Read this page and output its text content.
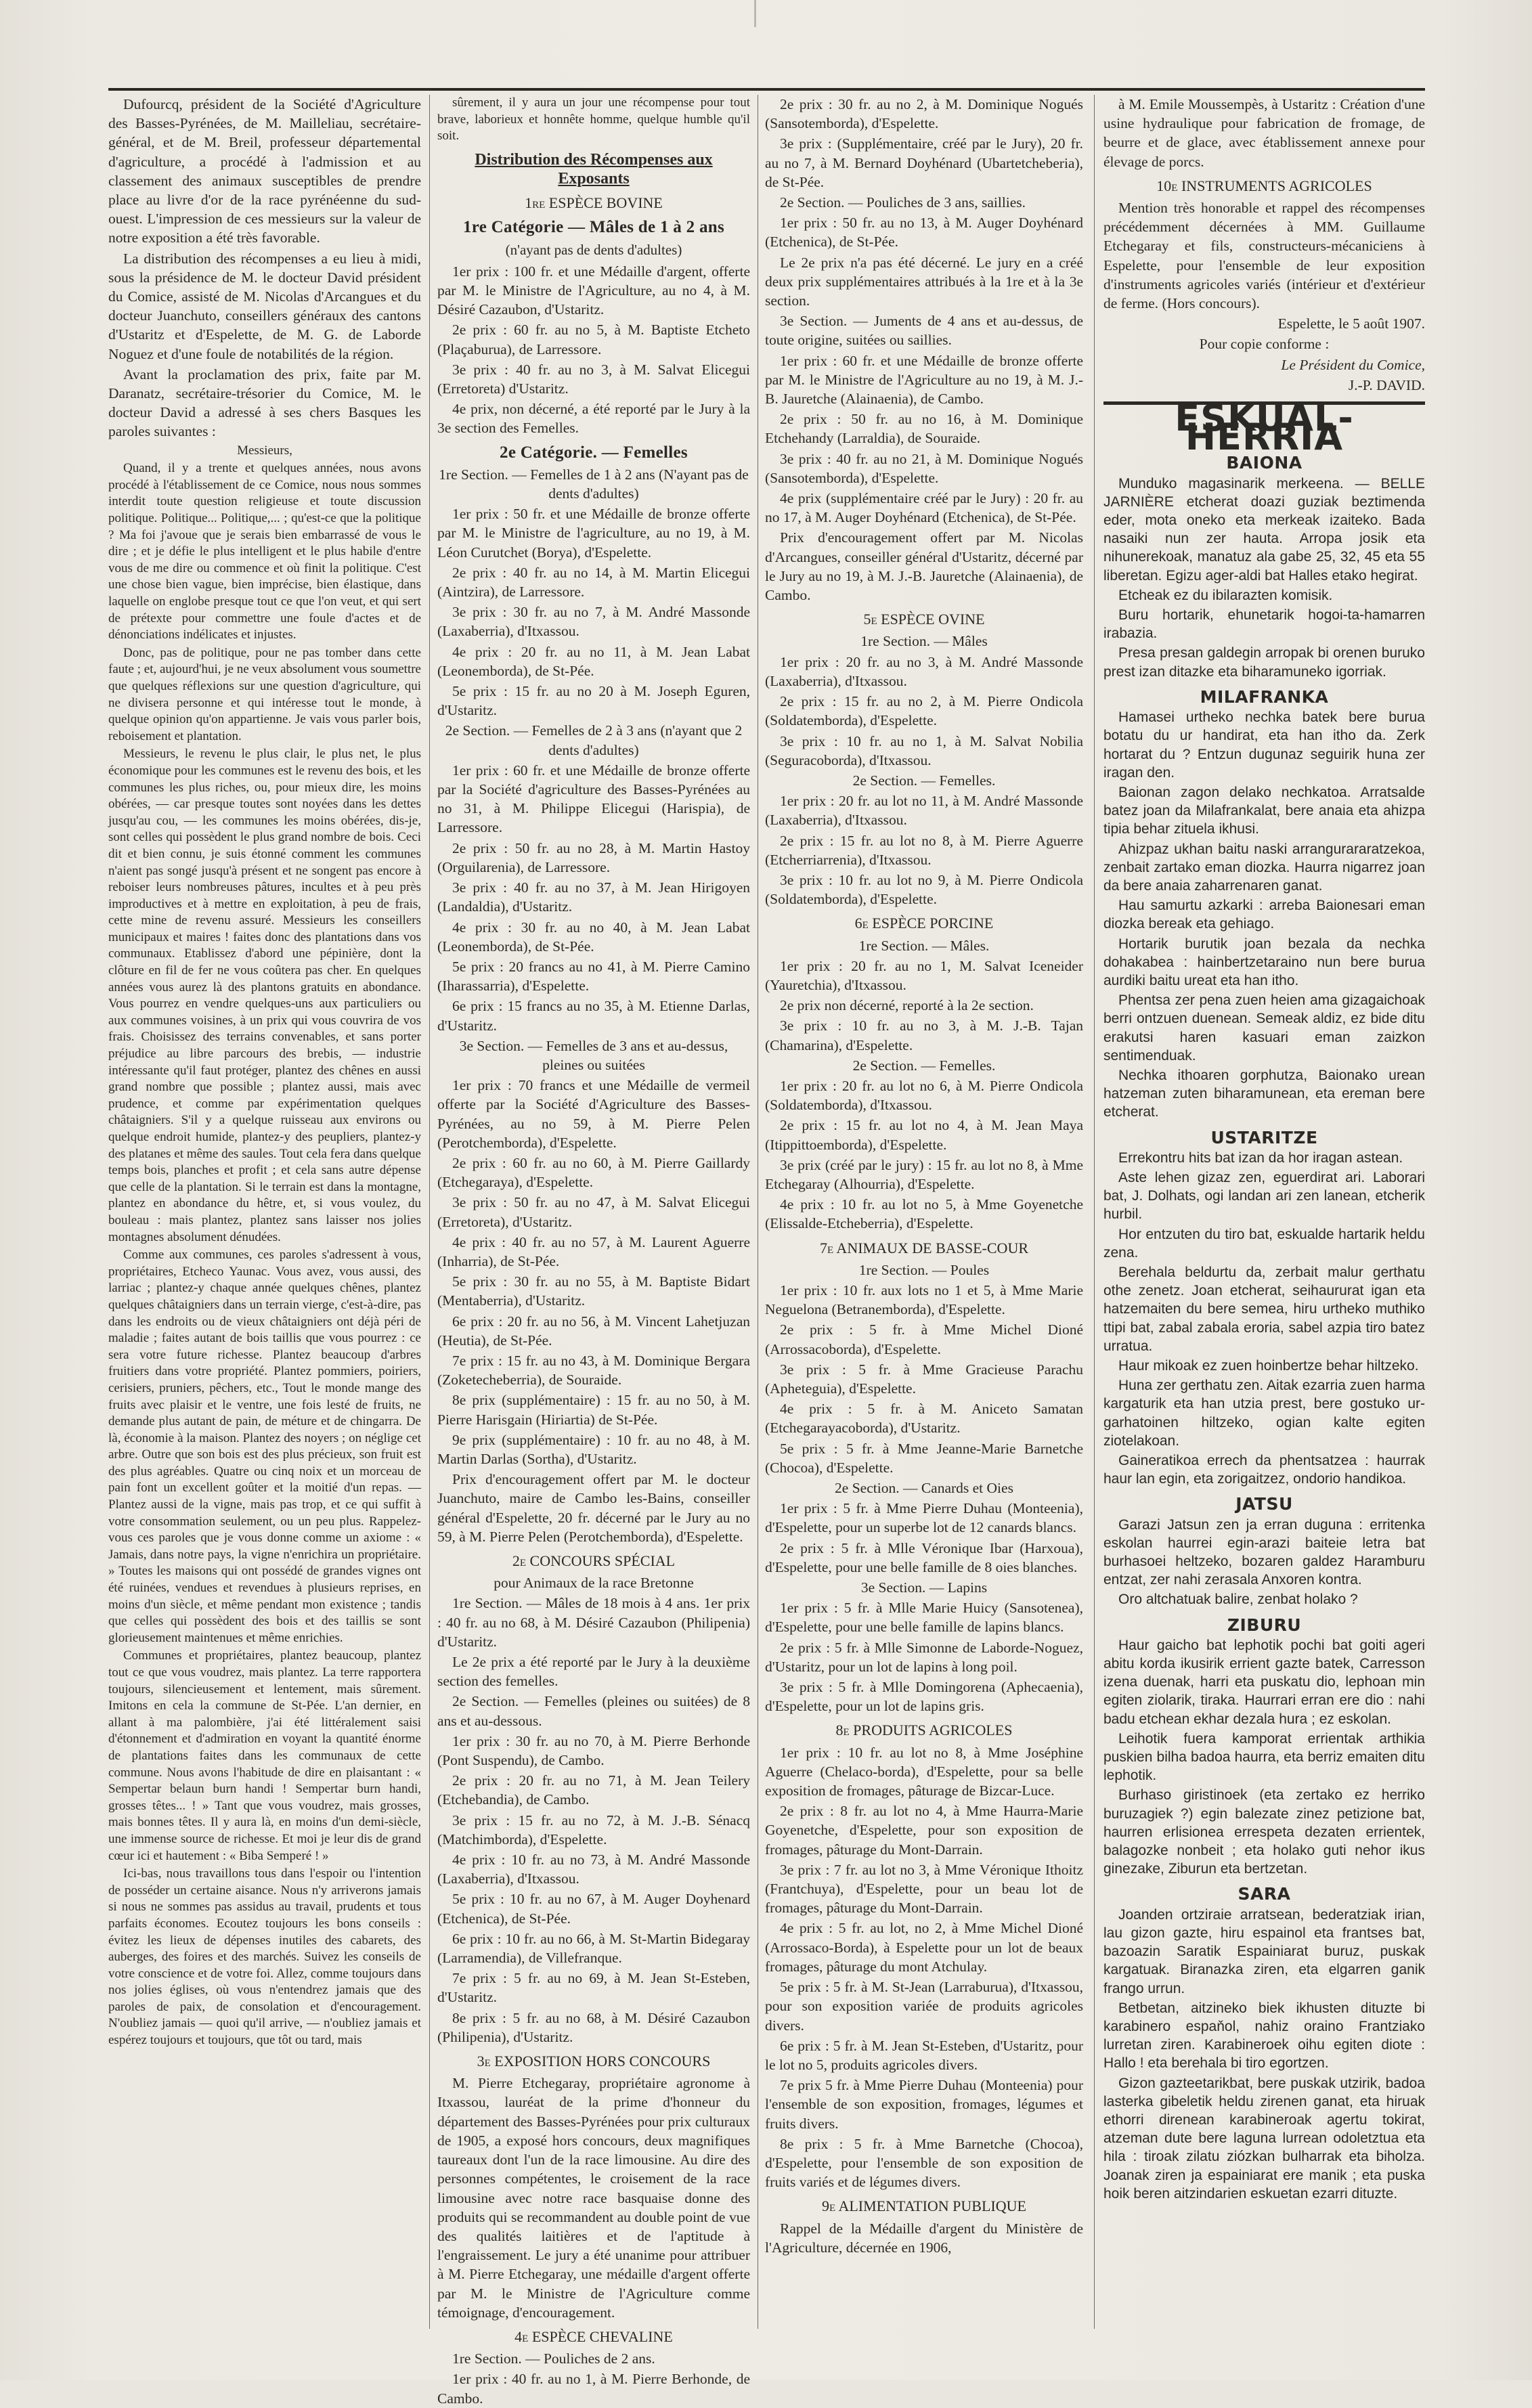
Dufourcq, président de la Société d'Agriculture des Basses-Pyrénées, de M. Mailleliau, secrétaire-général, et de M. Breil, professeur départemental d'agriculture, a procédé à l'admission et au classement des animaux susceptibles de prendre place au livre d'or de la race pyrénéenne du sud-ouest. L'impression de ces messieurs sur la valeur de notre exposition a été très favorable.

La distribution des récompenses a eu lieu à midi, sous la présidence de M. le docteur David président du Comice, assisté de M. Nicolas d'Arcangues et du docteur Juanchuto, conseillers généraux des cantons d'Ustaritz et d'Espelette, de M. G. de Laborde Noguez et d'une foule de notabilités de la région.

Avant la proclamation des prix, faite par M. Daranatz, secrétaire-trésorier du Comice, M. le docteur David a adressé à ses chers Basques les paroles suivantes :

Messieurs,

Quand, il y a trente et quelques années, nous avons procédé à l'établissement de ce Comice, nous nous sommes interdit toute question religieuse et toute discussion politique. Politique... Politique,... ; qu'est-ce que la politique ? Ma foi j'avoue que je serais bien embarrassé de vous le dire ; et je défie le plus intelligent et le plus habile d'entre vous de me dire ou commence et où finit la politique. C'est une chose bien vague, bien imprécise, bien élastique, dans laquelle on englobe presque tout ce que l'on veut, et qui sert de prétexte pour commettre une foule d'actes et de dénonciations indélicates et injustes.

Donc, pas de politique, pour ne pas tomber dans cette faute ; et, aujourd'hui, je ne veux absolument vous soumettre que quelques réflexions sur une question d'agriculture, qui ne divisera personne et qui intéresse tout le monde, à quelque opinion qu'on appartienne. Je vais vous parler bois, reboisement et plantation.

Messieurs, le revenu le plus clair, le plus net, le plus économique pour les communes est le revenu des bois, et les communes les plus riches, ou, pour mieux dire, les moins obérées, — car presque toutes sont noyées dans les dettes jusqu'au cou, — les communes les moins obérées, dis-je, sont celles qui possèdent le plus grand nombre de bois. Ceci dit et bien connu, je suis étonné comment les communes n'aient pas songé jusqu'à présent et ne songent pas encore à reboiser leurs nombreuses pâtures, incultes et à peu près improductives et à mettre en exploitation, à peu de frais, cette mine de revenu assuré. Messieurs les conseillers municipaux et maires ! faites donc des plantations dans vos communaux. Etablissez d'abord une pépinière, dont la clôture en fil de fer ne vous coûtera pas cher. En quelques années vous aurez là des plantons gratuits en abondance. Vous pourrez en vendre quelques-uns aux particuliers ou aux communes voisines, à un prix qui vous couvrira de vos frais. Choisissez des terrains convenables, et sans porter préjudice au libre parcours des brebis, — industrie intéressante qu'il faut protéger, plantez des chênes en aussi grand nombre que possible ; plantez aussi, mais avec prudence, et comme par expérimentation quelques châtaigniers. S'il y a quelque ruisseau aux environs ou quelque endroit humide, plantez-y des peupliers, plantez-y des platanes et même des saules. Tout cela fera dans quelque temps bois, planches et profit ; et cela sans autre dépense que celle de la plantation. Si le terrain est dans la montagne, plantez en abondance du hêtre, et, si vous voulez, du bouleau : mais plantez, plantez sans laisser nos jolies montagnes absolument dénudées.

Comme aux communes, ces paroles s'adressent à vous, propriétaires, Etcheco Yaunac. Vous avez, vous aussi, des larriac ; plantez-y chaque année quelques chênes, plantez quelques châtaigniers dans un terrain vierge, c'est-à-dire, pas dans les endroits ou de vieux châtaigniers ont déjà péri de maladie ; faites autant de bois taillis que vous pourrez : ce sera votre future richesse. Plantez beaucoup d'arbres fruitiers dans votre propriété. Plantez pommiers, poiriers, cerisiers, pruniers, pêchers, etc., Tout le monde mange des fruits avec plaisir et le ventre, une fois lesté de fruits, ne demande plus autant de pain, de méture et de chingarra. De là, économie à la maison. Plantez des noyers ; on néglige cet arbre. Outre que son bois est des plus précieux, son fruit est des plus agréables. Quatre ou cinq noix et un morceau de pain font un excellent goûter et la moitié d'un repas. — Plantez aussi de la vigne, mais pas trop, et ce qui suffit à votre consommation seulement, ou un peu plus. Rappelez-vous ces paroles que je vous donne comme un axiome : « Jamais, dans notre pays, la vigne n'enrichira un propriétaire. » Toutes les maisons qui ont possédé de grandes vignes ont été ruinées, vendues et revendues à plusieurs reprises, en moins d'un siècle, et même pendant mon existence ; tandis que celles qui possèdent des bois et des taillis se sont glorieusement maintenues et même enrichies.

Communes et propriétaires, plantez beaucoup, plantez tout ce que vous voudrez, mais plantez. La terre rapportera toujours, silencieusement et lentement, mais sûrement. Imitons en cela la commune de St-Pée. L'an dernier, en allant à ma palombière, j'ai été littéralement saisi d'étonnement et d'admiration en voyant la quantité énorme de plantations faites dans les communaux de cette commune. Nous avons l'habitude de dire en plaisantant : « Sempertar belaun burn handi ! Sempertar burn handi, grosses têtes... ! » Tant que vous voudrez, mais grosses, mais bonnes têtes. Il y aura là, en moins d'un demi-siècle, une immense source de richesse. Et moi je leur dis de grand cœur ici et hautement : « Biba Semperé ! »

Ici-bas, nous travaillons tous dans l'espoir ou l'intention de posséder un certaine aisance. Nous n'y arriverons jamais si nous ne sommes pas assidus au travail, prudents et tous parfaits économes. Ecoutez toujours les bons conseils : évitez les lieux de dépenses inutiles des cabarets, des auberges, des foires et des marchés. Suivez les conseils de votre conscience et de votre foi. Allez, comme toujours dans nos jolies églises, où vous n'entendrez jamais que des paroles de paix, de consolation et d'encouragement. N'oubliez jamais — quoi qu'il arrive, — n'oubliez jamais et espérez toujours et toujours, que tôt ou tard, mais

sûrement, il y aura un jour une récompense pour tout brave, laborieux et honnête homme, quelque humble qu'il soit.

Distribution des Récompenses aux Exposants

1re ESPÈCE BOVINE

1re Catégorie — Mâles de 1 à 2 ans

(n'ayant pas de dents d'adultes)

1er prix : 100 fr. et une Médaille d'argent, offerte par M. le Ministre de l'Agriculture, au no 4, à M. Désiré Cazaubon, d'Ustaritz.

2e prix : 60 fr. au no 5, à M. Baptiste Etcheto (Plaçaburua), de Larressore.

3e prix : 40 fr. au no 3, à M. Salvat Elicegui (Erretoreta) d'Ustaritz.

4e prix, non décerné, a été reporté par le Jury à la 3e section des Femelles.

2e Catégorie. — Femelles

1re Section. — Femelles de 1 à 2 ans (N'ayant pas de dents d'adultes)

1er prix : 50 fr. et une Médaille de bronze offerte par M. le Ministre de l'agriculture, au no 19, à M. Léon Curutchet (Borya), d'Espelette.

2e prix : 40 fr. au no 14, à M. Martin Elicegui (Aintzira), de Larressore.

3e prix : 30 fr. au no 7, à M. André Massonde (Laxaberria), d'Itxassou.

4e prix : 20 fr. au no 11, à M. Jean Labat (Leonemborda), de St-Pée.

5e prix : 15 fr. au no 20 à M. Joseph Eguren, d'Ustaritz.

2e Section. — Femelles de 2 à 3 ans (n'ayant que 2 dents d'adultes)

1er prix : 60 fr. et une Médaille de bronze offerte par la Société d'agriculture des Basses-Pyrénées au no 31, à M. Philippe Elicegui (Harispia), de Larressore.

2e prix : 50 fr. au no 28, à M. Martin Hastoy (Orguilarenia), de Larressore.

3e prix : 40 fr. au no 37, à M. Jean Hirigoyen (Landaldia), d'Ustaritz.

4e prix : 30 fr. au no 40, à M. Jean Labat (Leonemborda), de St-Pée.

5e prix : 20 francs au no 41, à M. Pierre Camino (Iharassarria), d'Espelette.

6e prix : 15 francs au no 35, à M. Etienne Darlas, d'Ustaritz.

3e Section. — Femelles de 3 ans et au-dessus, pleines ou suitées

1er prix : 70 francs et une Médaille de vermeil offerte par la Société d'Agriculture des Basses-Pyrénées, au no 59, à M. Pierre Pelen (Perotchemborda), d'Espelette.

2e prix : 60 fr. au no 60, à M. Pierre Gaillardy (Etchegaraya), d'Espelette.

3e prix : 50 fr. au no 47, à M. Salvat Elicegui (Erretoreta), d'Ustaritz.

4e prix : 40 fr. au no 57, à M. Laurent Aguerre (Inharria), de St-Pée.

5e prix : 30 fr. au no 55, à M. Baptiste Bidart (Mentaberria), d'Ustaritz.

6e prix : 20 fr. au no 56, à M. Vincent Lahetjuzan (Heutia), de St-Pée.

7e prix : 15 fr. au no 43, à M. Dominique Bergara (Zoketecheberria), de Souraide.

8e prix (supplémentaire) : 15 fr. au no 50, à M. Pierre Harisgain (Hiriartia) de St-Pée.

9e prix (supplémentaire) : 10 fr. au no 48, à M. Martin Darlas (Sortha), d'Ustaritz.

Prix d'encouragement offert par M. le docteur Juanchuto, maire de Cambo les-Bains, conseiller général d'Espelette, 20 fr. décerné par le Jury au no 59, à M. Pierre Pelen (Perotchemborda), d'Espelette.

2e CONCOURS SPÉCIAL

pour Animaux de la race Bretonne

1re Section. — Mâles de 18 mois à 4 ans. 1er prix : 40 fr. au no 68, à M. Désiré Cazaubon (Philipenia) d'Ustaritz.

Le 2e prix a été reporté par le Jury à la deuxième section des femelles.

2e Section. — Femelles (pleines ou suitées) de 8 ans et au-dessous.

1er prix : 30 fr. au no 70, à M. Pierre Berhonde (Pont Suspendu), de Cambo.

2e prix : 20 fr. au no 71, à M. Jean Teilery (Etchebandia), de Cambo.

3e prix : 15 fr. au no 72, à M. J.-B. Sénacq (Matchimborda), d'Espelette.

4e prix : 10 fr. au no 73, à M. André Massonde (Laxaberria), d'Itxassou.

5e prix : 10 fr. au no 67, à M. Auger Doyhenard (Etchenica), de St-Pée.

6e prix : 10 fr. au no 66, à M. St-Martin Bidegaray (Larramendia), de Villefranque.

7e prix : 5 fr. au no 69, à M. Jean St-Esteben, d'Ustaritz.

8e prix : 5 fr. au no 68, à M. Désiré Cazaubon (Philipenia), d'Ustaritz.

3e EXPOSITION HORS CONCOURS

M. Pierre Etchegaray, propriétaire agronome à Itxassou, lauréat de la prime d'honneur du département des Basses-Pyrénées pour prix culturaux de 1905, a exposé hors concours, deux magnifiques taureaux dont l'un de la race limousine. Au dire des personnes compétentes, le croisement de la race limousine avec notre race basquaise donne des produits qui se recommandent au double point de vue des qualités laitières et de l'aptitude à l'engraissement. Le jury a été unanime pour attribuer à M. Pierre Etchegaray, une médaille d'argent offerte par M. le Ministre de l'Agriculture comme témoignage, d'encouragement.

4e ESPÈCE CHEVALINE

1re Section. — Pouliches de 2 ans.

1er prix : 40 fr. au no 1, à M. Pierre Berhonde, de Cambo.

2e prix : 30 fr. au no 2, à M. Dominique Nogués (Sansotemborda), d'Espelette.

3e prix : (Supplémentaire, créé par le Jury), 20 fr. au no 7, à M. Bernard Doyhénard (Ubartetcheberia), de St-Pée.

2e Section. — Pouliches de 3 ans, saillies.

1er prix : 50 fr. au no 13, à M. Auger Doyhénard (Etchenica), de St-Pée.

Le 2e prix n'a pas été décerné. Le jury en a créé deux prix supplémentaires attribués à la 1re et à la 3e section.

3e Section. — Juments de 4 ans et au-dessus, de toute origine, suitées ou saillies.

1er prix : 60 fr. et une Médaille de bronze offerte par M. le Ministre de l'Agriculture au no 19, à M. J.-B. Jauretche (Alainaenia), de Cambo.

2e prix : 50 fr. au no 16, à M. Dominique Etchehandy (Larraldia), de Souraide.

3e prix : 40 fr. au no 21, à M. Dominique Nogués (Sansotemborda), d'Espelette.

4e prix (supplémentaire créé par le Jury) : 20 fr. au no 17, à M. Auger Doyhénard (Etchenica), de St-Pée.

Prix d'encouragement offert par M. Nicolas d'Arcangues, conseiller général d'Ustaritz, décerné par le Jury au no 19, à M. J.-B. Jauretche (Alainaenia), de Cambo.

5e ESPÈCE OVINE

1re Section. — Mâles

1er prix : 20 fr. au no 3, à M. André Massonde (Laxaberria), d'Itxassou.

2e prix : 15 fr. au no 2, à M. Pierre Ondicola (Soldatemborda), d'Espelette.

3e prix : 10 fr. au no 1, à M. Salvat Nobilia (Seguracoborda), d'Itxassou.

2e Section. — Femelles.

1er prix : 20 fr. au lot no 11, à M. André Massonde (Laxaberria), d'Itxassou.

2e prix : 15 fr. au lot no 8, à M. Pierre Aguerre (Etcherriarrenia), d'Itxassou.

3e prix : 10 fr. au lot no 9, à M. Pierre Ondicola (Soldatemborda), d'Espelette.

6e ESPÈCE PORCINE

1re Section. — Mâles.

1er prix : 20 fr. au no 1, M. Salvat Iceneider (Yauretchia), d'Itxassou.

2e prix non décerné, reporté à la 2e section.

3e prix : 10 fr. au no 3, à M. J.-B. Tajan (Chamarina), d'Espelette.

2e Section. — Femelles.

1er prix : 20 fr. au lot no 6, à M. Pierre Ondicola (Soldatemborda), d'Itxassou.

2e prix : 15 fr. au lot no 4, à M. Jean Maya (Itippittoemborda), d'Espelette.

3e prix (créé par le jury) : 15 fr. au lot no 8, à Mme Etchegaray (Alhourria), d'Espelette.

4e prix : 10 fr. au lot no 5, à Mme Goyenetche (Elissalde-Etcheberria), d'Espelette.

7e ANIMAUX DE BASSE-COUR

1re Section. — Poules

1er prix : 10 fr. aux lots no 1 et 5, à Mme Marie Neguelona (Betranemborda), d'Espelette.

2e prix : 5 fr. à Mme Michel Dioné (Arrossacoborda), d'Espelette.

3e prix : 5 fr. à Mme Gracieuse Parachu (Apheteguia), d'Espelette.

4e prix : 5 fr. à M. Aniceto Samatan (Etchegarayacoborda), d'Ustaritz.

5e prix : 5 fr. à Mme Jeanne-Marie Barnetche (Chocoa), d'Espelette.

2e Section. — Canards et Oies

1er prix : 5 fr. à Mme Pierre Duhau (Monteenia), d'Espelette, pour un superbe lot de 12 canards blancs.

2e prix : 5 fr. à Mlle Véronique Ibar (Harxoua), d'Espelette, pour une belle famille de 8 oies blanches.

3e Section. — Lapins

1er prix : 5 fr. à Mlle Marie Huicy (Sansotenea), d'Espelette, pour une belle famille de lapins blancs.

2e prix : 5 fr. à Mlle Simonne de Laborde-Noguez, d'Ustaritz, pour un lot de lapins à long poil.

3e prix : 5 fr. à Mlle Domingorena (Aphecaenia), d'Espelette, pour un lot de lapins gris.

8e PRODUITS AGRICOLES

1er prix : 10 fr. au lot no 8, à Mme Joséphine Aguerre (Chelaco-borda), d'Espelette, pour sa belle exposition de fromages, pâturage de Bizcar-Luce.

2e prix : 8 fr. au lot no 4, à Mme Haurra-Marie Goyenetche, d'Espelette, pour son exposition de fromages, pâturage du Mont-Darrain.

3e prix : 7 fr. au lot no 3, à Mme Véronique Ithoitz (Frantchuya), d'Espelette, pour un beau lot de fromages, pâturage du Mont-Darrain.

4e prix : 5 fr. au lot, no 2, à Mme Michel Dioné (Arrossaco-Borda), à Espelette pour un lot de beaux fromages, pâturage du mont Atchulay.

5e prix : 5 fr. à M. St-Jean (Larraburua), d'Itxassou, pour son exposition variée de produits agricoles divers.

6e prix : 5 fr. à M. Jean St-Esteben, d'Ustaritz, pour le lot no 5, produits agricoles divers.

7e prix 5 fr. à Mme Pierre Duhau (Monteenia) pour l'ensemble de son exposition, fromages, légumes et fruits divers.

8e prix : 5 fr. à Mme Barnetche (Chocoa), d'Espelette, pour l'ensemble de son exposition de fruits variés et de légumes divers.

9e ALIMENTATION PUBLIQUE

Rappel de la Médaille d'argent du Ministère de l'Agriculture, décernée en 1906,

à M. Emile Moussempès, à Ustaritz : Création d'une usine hydraulique pour fabrication de fromage, de beurre et de glace, avec établissement annexe pour élevage de porcs.

10e INSTRUMENTS AGRICOLES

Mention très honorable et rappel des récompenses précédemment décernées à MM. Guillaume Etchegaray et fils, constructeurs-mécaniciens à Espelette, pour l'ensemble de leur exposition d'instruments agricoles variés (intérieur et d'extérieur de ferme. (Hors concours).

Espelette, le 5 août 1907.

Pour copie conforme :

Le Président du Comice,

J.-P. DAVID.

ESKUAL-HERRIA
BAIONA

Munduko magasinarik merkeena. — BELLE JARNIÈRE etcherat doazi guziak beztimenda eder, mota oneko eta merkeak izaiteko. Bada nasaiki nun zer hauta. Arropa josik eta nihunerekoak, manatuz ala gabe 25, 32, 45 eta 55 liberetan. Egizu ager-aldi bat Halles etako hegirat.

Etcheak ez du ibilarazten komisik.

Buru hortarik, ehunetarik hogoi-ta-hamarren irabazia.

Presa presan galdegin arropak bi orenen buruko prest izan ditazke eta biharamuneko igorriak.

MILAFRANKA

Hamasei urtheko nechka batek bere burua botatu du ur handirat, eta han itho da. Zerk hortarat du ? Entzun dugunaz seguirik huna zer iragan den.

Baionan zagon delako nechkatoa. Arratsalde batez joan da Milafrankalat, bere anaia eta ahizpa tipia behar zituela ikhusi.

Ahizpaz ukhan baitu naski arrangurararatzekoa, zenbait zartako eman diozka. Haurra nigarrez joan da bere anaia zaharrenaren ganat.

Hau samurtu azkarki : arreba Baionesari eman diozka bereak eta gehiago.

Hortarik burutik joan bezala da nechka dohakabea : hainbertzetarainο nun bere burua aurdiki baitu ureat eta han itho.

Phentsa zer pena zuen heien ama gizagaichoak berri ontzuen duenean. Semeak aldiz, ez bide ditu erakutsi haren kasuari eman zaizkon sentimenduak.

Nechka ithoaren gorphutza, Baionako urean hatzeman zuten biharamunean, eta ereman bere etcherat.

USTARITZE

Errekontru hits bat izan da hor iragan astean.

Aste lehen gizaz zen, eguerdirat ari. Laborari bat, J. Dolhats, ogi landan ari zen lanean, etcherik hurbil.

Hor entzuten du tiro bat, eskualde hartarik heldu zena.

Berehala beldurtu da, zerbait malur gerthatu othe zenetz. Joan etcherat, seihaururat igan eta hatzemaiten du bere semea, hiru urtheko muthiko ttipi bat, zabal zabala erorіa, sabel azpia tiro batez urratua.

Haur mikoak ez zuen hoinbertze behar hiltzeko.

Huna zer gerthatu zen. Aitak ezarria zuen harma kargaturik eta han utzia prest, bere gostuko ur-garhatoinen hiltzeko, ogian kalte egiten ziotelakoan.

Gaineratikoa errech da phentsatzea : haurrak haur lan egin, eta zorigaitzez, ondorio handikoa.

JATSU

Garazi Jatsun zen ja erran duguna : erritenka eskolan haurrei egin-arazi baiteie letra bat burhasoei heltzeko, bozaren galdez Haramburu entzat, zer nahi zerasala Anxoren kontra.

Oro altchatuak balire, zenbat holako ?

ZIBURU

Haur gaicho bat lephotik pochi bat goiti ageri abitu korda ikusirik errient gazte batek, Carresson izena duenak, harri eta puskatu dio, lephoan min egiten ziolarik, tiraka. Haurrari erran ere dio : nahi badu etchean ekhar dezala hura ; ez eskolan.

Leihotik fuera kamporat errientak arthikia puskien bilha badoa haurra, eta berriz emaiten ditu lephotik.

Burhaso giristinoek (eta zertako ez herriko buruzagiek ?) egin balezate zinez petizione bat, haurren erlisionea errespeta dezaten errientek, balagozke nonbeit ; eta holako guti nehor ikus ginezake, Ziburun eta bertzetan.

SARA

Joanden ortziraie arratsean, bederatziak irian, lau gizon gazte, hiru espainol eta frantses bat, bazoazin Saratik Espainiarat buruz, puskak kargatuak. Biranazka ziren, eta elgarren ganik frango urrun.

Betbetan, aitzineko biek ikhusten dituzte bi karabinero espaňol, nahiz orainο Frantziako lurretan ziren. Karabinerοek oihu egiten diote : Hallo ! eta berehala bi tiro egortzen.

Gizon gazteetarikbat, bere puskak utzirik, badoa lasterka gibeletik heldu zirenen ganat, eta hiruak ethorri direnean karabineroak agertu tokirat, atzeman dute bere lagunа lurrean odoletztua eta hila : tiroak zilatu ziózkan bulharrak eta biholza. Joanak ziren ja espainiarat ere manik ; eta puska hoik beren aitzindarien eskuetan ezarri dituzte.
